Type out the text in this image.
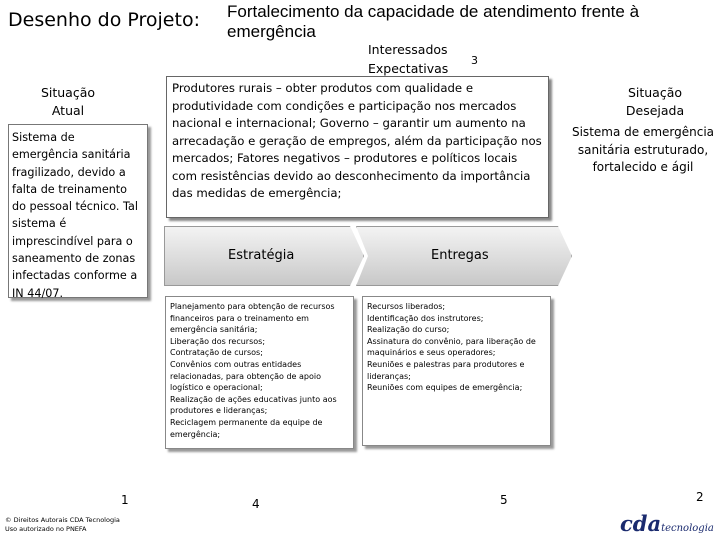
Desenho do Projeto: Fortalecimento da capacidade de atendimento frente à emergência
Interessados
Expectativas
3
Situação
Atual
Sistema de emergência sanitária fragilizado, devido a falta de treinamento do pessoal técnico. Tal sistema é imprescindível para o saneamento de zonas infectadas conforme a IN 44/07.
Produtores rurais – obter produtos com qualidade e produtividade com condições e participação nos mercados nacional e internacional; Governo – garantir um aumento na arrecadação e geração de empregos, além da participação nos mercados; Fatores negativos – produtores e políticos locais com resistências devido ao desconhecimento da importância das medidas de emergência;
Situação
Desejada
Sistema de emergência sanitária estruturado, fortalecido e ágil
Estratégia	Entregas
Planejamento para obtenção de recursos
financeiros para o treinamento em
emergência sanitária;
Liberação dos recursos;
Contratação de cursos;
Convênios com outras entidades
relacionadas, para obtenção de apoio
logístico e operacional;
Realização de ações educativas junto aos
produtores e lideranças;
Reciclagem permanente da equipe de
emergência;
Recursos liberados;
Identificação dos instrutores;
Realização do curso;
Assinatura do convênio, para liberação de
maquinários e seus operadores;
Reuniões e palestras para produtores e
lideranças;
Reuniões com equipes de emergência;
1	4	5	2
© Direitos Autorais CDA Tecnologia
Uso autorizado no PNEFA	cdatecnologia
